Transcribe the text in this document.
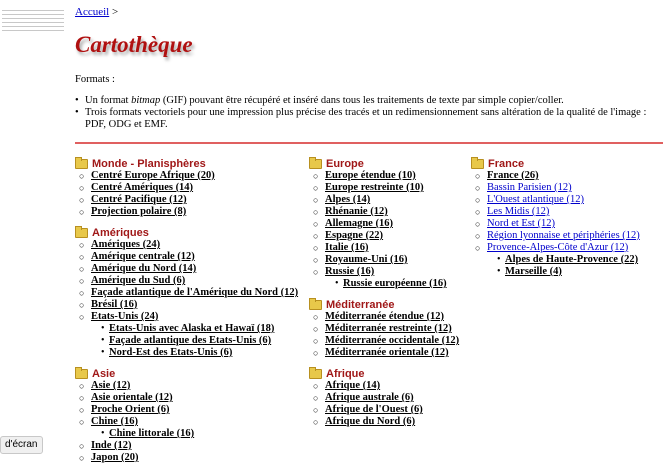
Accueil >
Cartothèque
Formats :
• Un format bitmap (GIF) pouvant être récupéré et inséré dans tous les traitements de texte par simple copier/coller.
• Trois formats vectoriels pour une impression plus précise des tracés et un redimensionnement sans altération de la qualité de l'image : PDF, ODG et EMF.
Monde - Planisphères
○ Centré Europe Afrique (20)
○ Centré Amériques (14)
○ Centré Pacifique (12)
○ Projection polaire (8)
Amériques
○ Amériques (24)
○ Amérique centrale (12)
○ Amérique du Nord (14)
○ Amérique du Sud (6)
○ Façade atlantique de l'Amérique du Nord (12)
○ Brésil (16)
○ Etats-Unis (24)
• Etats-Unis avec Alaska et Hawaï (18)
• Façade atlantique des Etats-Unis (6)
• Nord-Est des Etats-Unis (6)
Asie
○ Asie (12)
○ Asie orientale (12)
○ Proche Orient (6)
○ Chine (16)
• Chine littorale (16)
○ Inde (12)
○ Japon (20)
Europe
○ Europe étendue (10)
○ Europe restreinte (10)
○ Alpes (14)
○ Rhénanie (12)
○ Allemagne (16)
○ Espagne (22)
○ Italie (16)
○ Royaume-Uni (16)
○ Russie (16)
• Russie européenne (16)
Méditerranée
○ Méditerranée étendue (12)
○ Méditerranée restreinte (12)
○ Méditerranée occidentale (12)
○ Méditerranée orientale (12)
Afrique
○ Afrique (14)
○ Afrique australe (6)
○ Afrique de l'Ouest (6)
○ Afrique du Nord (6)
France
○ France (26)
○ Bassin Parisien (12)
○ L'Ouest atlantique (12)
○ Les Midis (12)
○ Nord et Est (12)
○ Région lyonnaise et périphéries (12)
○ Provence-Alpes-Côte d'Azur (12)
• Alpes de Haute-Provence (22)
• Marseille (4)
d'écran
